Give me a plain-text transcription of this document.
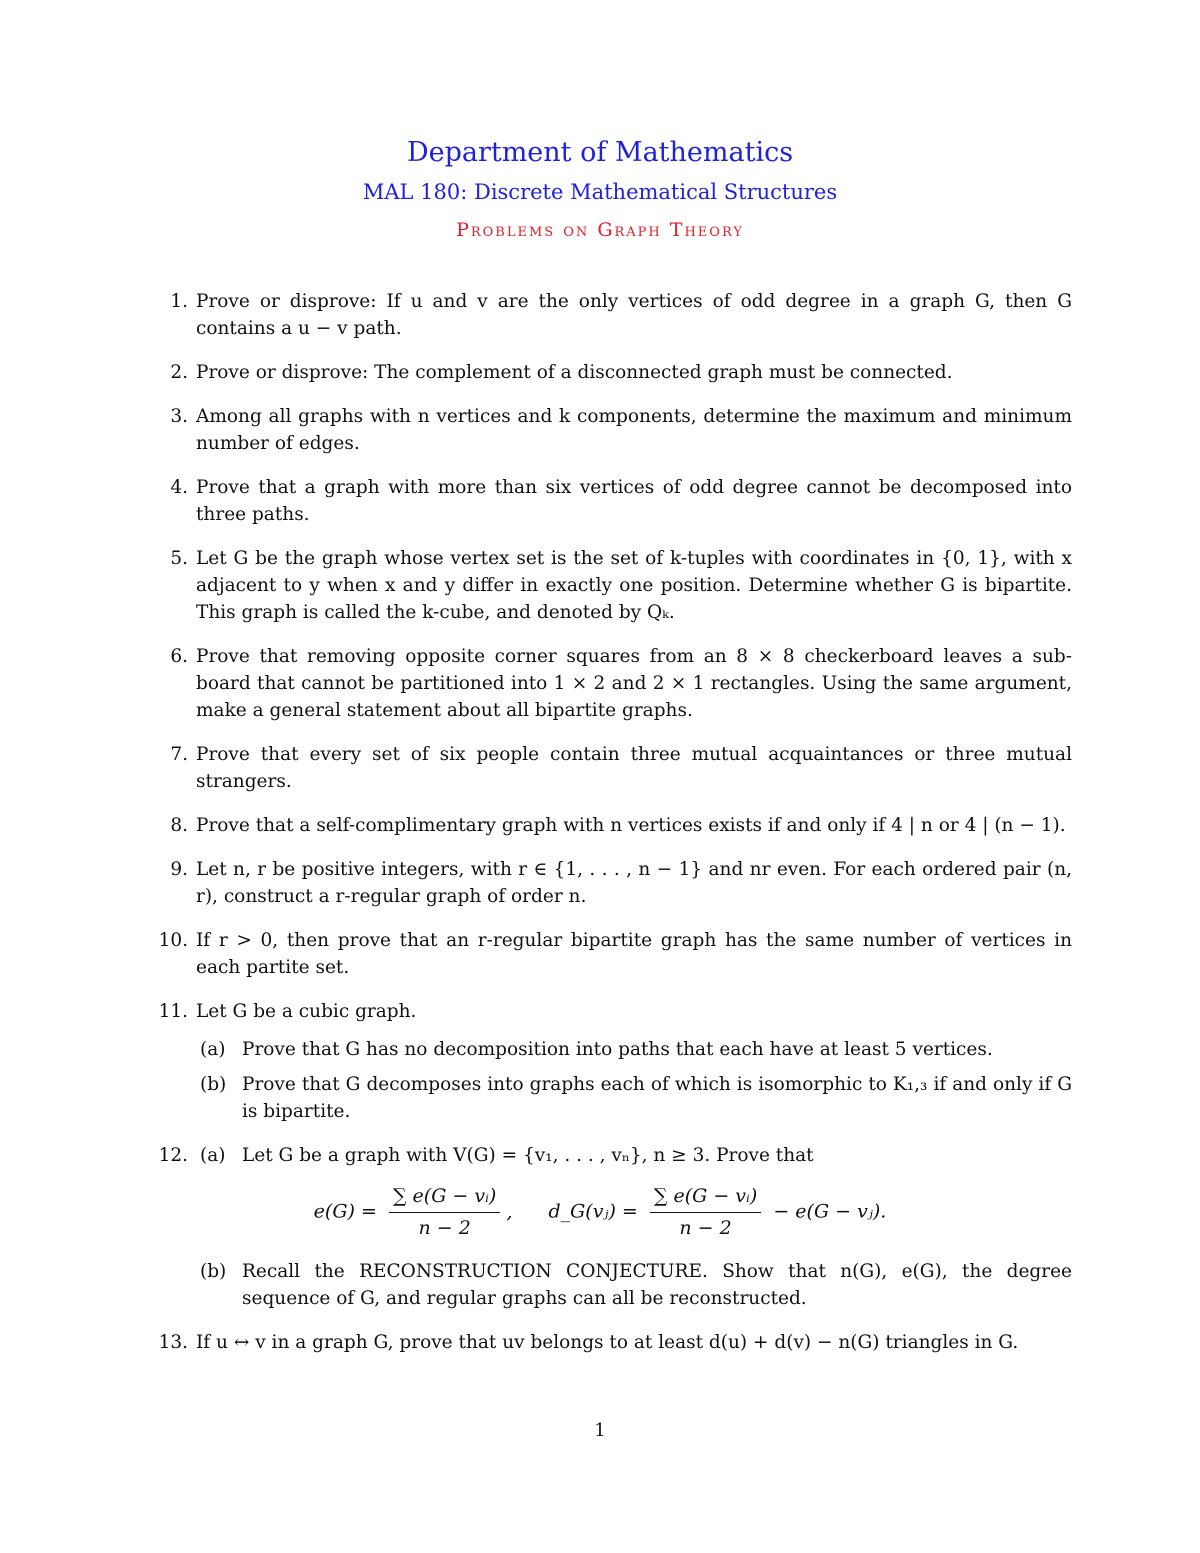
Department of Mathematics
MAL 180: Discrete Mathematical Structures
Problems on Graph Theory
1. Prove or disprove: If u and v are the only vertices of odd degree in a graph G, then G contains a u − v path.
2. Prove or disprove: The complement of a disconnected graph must be connected.
3. Among all graphs with n vertices and k components, determine the maximum and minimum number of edges.
4. Prove that a graph with more than six vertices of odd degree cannot be decomposed into three paths.
5. Let G be the graph whose vertex set is the set of k-tuples with coordinates in {0, 1}, with x adjacent to y when x and y differ in exactly one position. Determine whether G is bipartite. This graph is called the k-cube, and denoted by Qₖ.
6. Prove that removing opposite corner squares from an 8 × 8 checkerboard leaves a sub-board that cannot be partitioned into 1 × 2 and 2 × 1 rectangles. Using the same argument, make a general statement about all bipartite graphs.
7. Prove that every set of six people contain three mutual acquaintances or three mutual strangers.
8. Prove that a self-complimentary graph with n vertices exists if and only if 4 | n or 4 | (n − 1).
9. Let n, r be positive integers, with r ∈ {1, . . . , n − 1} and nr even. For each ordered pair (n, r), construct a r-regular graph of order n.
10. If r > 0, then prove that an r-regular bipartite graph has the same number of vertices in each partite set.
11. Let G be a cubic graph.
(a) Prove that G has no decomposition into paths that each have at least 5 vertices.
(b) Prove that G decomposes into graphs each of which is isomorphic to K₁,₃ if and only if G is bipartite.
12. (a) Let G be a graph with V(G) = {v₁, . . . , vₙ}, n ≥ 3. Prove that
$e(G) = \frac{\text{∑ e(G − vᵢ)}}{n - 2}$ , d_G(vⱼ) = $\frac{\text{∑ e(G − vᵢ)}}{n - 2} - e(G$ − vⱼ).
(b) Recall the RECONSTRUCTION CONJECTURE. Show that n(G), e(G), the degree sequence of G, and regular graphs can all be reconstructed.
13. If u ↔ v in a graph G, prove that uv belongs to at least d(u) + d(v) − n(G) triangles in G.
1
